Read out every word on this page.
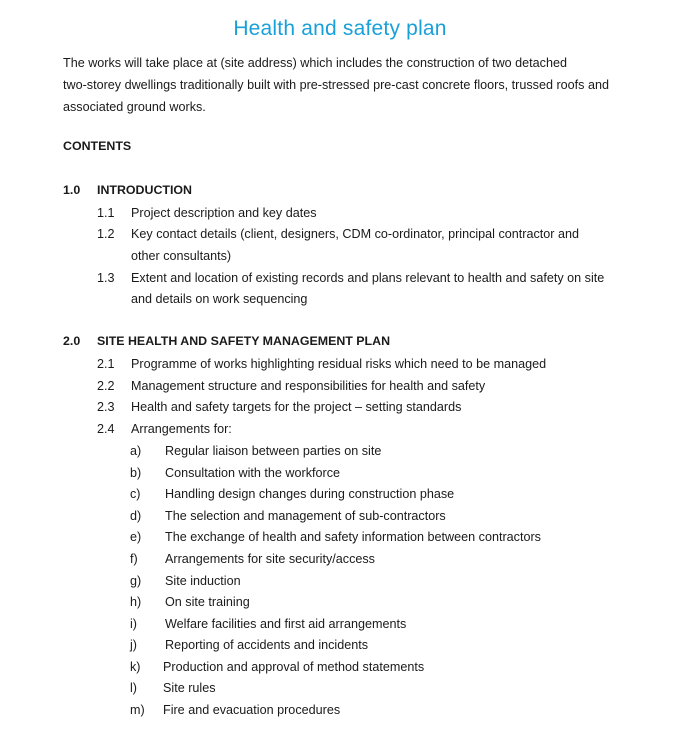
Health and safety plan
The works will take place at (site address) which includes the construction of two detached
two-storey dwellings traditionally built with pre-stressed pre-cast concrete floors, trussed roofs and
associated ground works.
CONTENTS
1.0 INTRODUCTION
1.1 Project description and key dates
1.2 Key contact details (client, designers, CDM co-ordinator, principal contractor and
other consultants)
1.3 Extent and location of existing records and plans relevant to health and safety on site
and details on work sequencing
2.0 SITE HEALTH AND SAFETY MANAGEMENT PLAN
2.1 Programme of works highlighting residual risks which need to be managed
2.2 Management structure and responsibilities for health and safety
2.3 Health and safety targets for the project – setting standards
2.4 Arrangements for:
a) Regular liaison between parties on site
b) Consultation with the workforce
c) Handling design changes during construction phase
d) The selection and management of sub-contractors
e) The exchange of health and safety information between contractors
f) Arrangements for site security/access
g) Site induction
h) On site training
i) Welfare facilities and first aid arrangements
j) Reporting of accidents and incidents
k) Production and approval of method statements
l) Site rules
m) Fire and evacuation procedures
